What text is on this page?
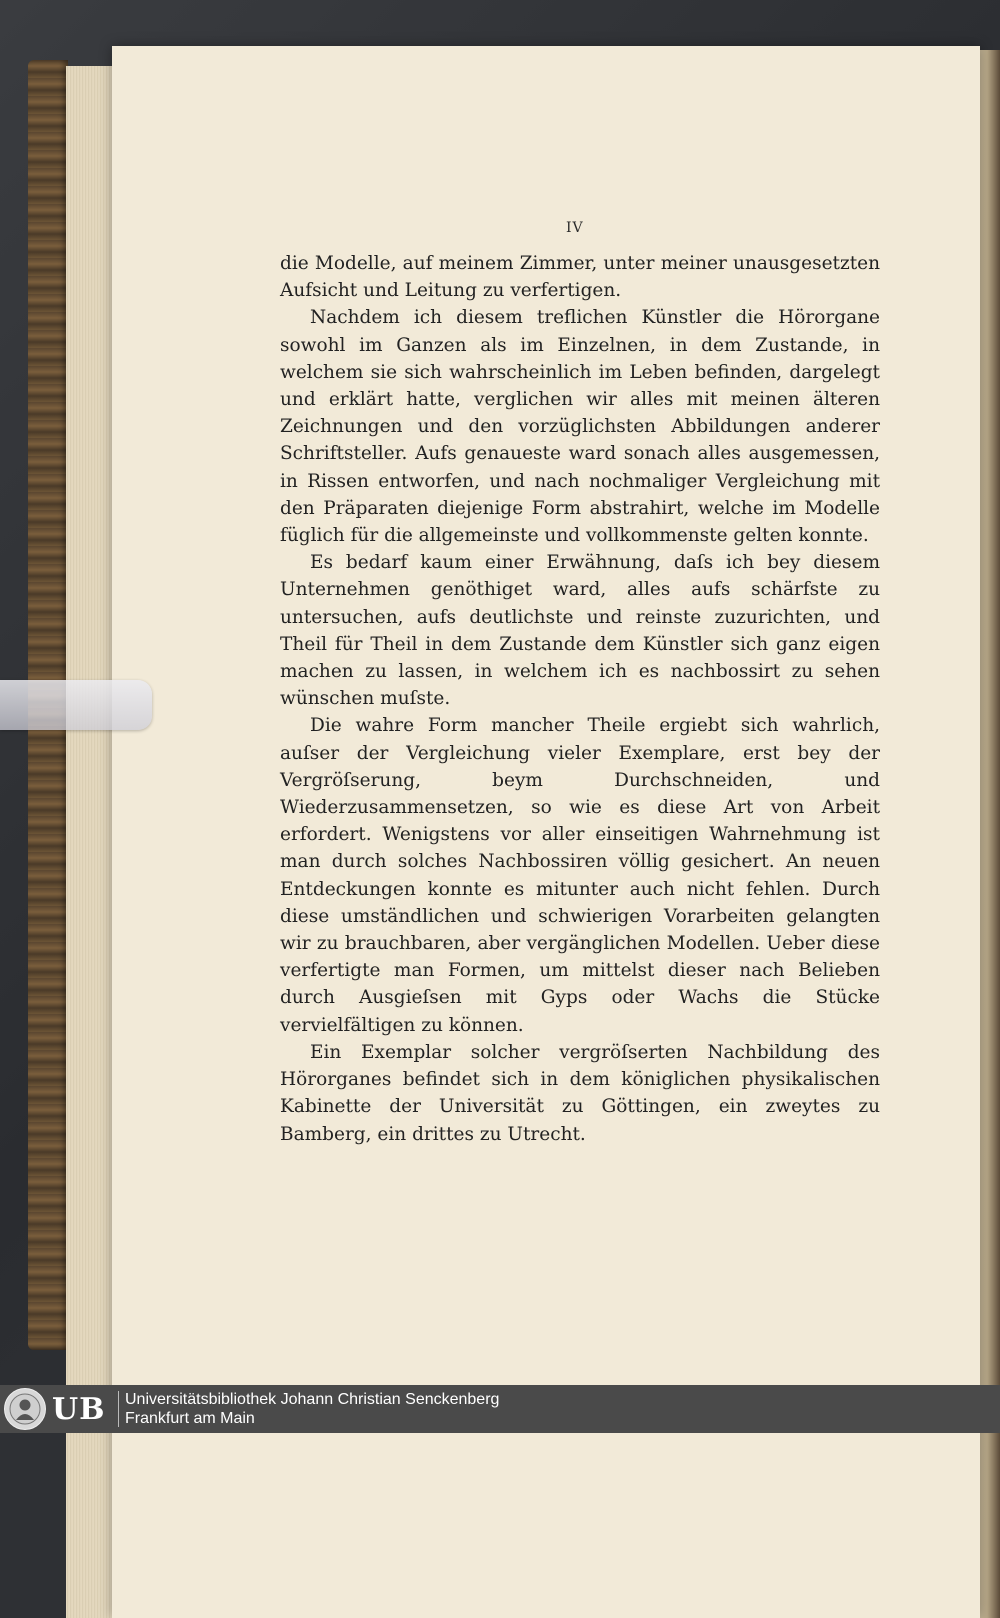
IV

die Modelle, auf meinem Zimmer, unter meiner unausgesetzten Aufsicht und Leitung zu verfertigen.

Nachdem ich diesem treflichen Künstler die Hörorgane sowohl im Ganzen als im Einzelnen, in dem Zustande, in welchem sie sich wahrscheinlich im Leben befinden, dargelegt und erklärt hatte, verglichen wir alles mit meinen älteren Zeichnungen und den vorzüglichsten Abbildungen anderer Schriftsteller. Aufs genaueste ward sonach alles ausgemessen, in Rissen entworfen, und nach nochmaliger Vergleichung mit den Präparaten diejenige Form abstrahirt, welche im Modelle füglich für die allgemeinste und vollkommenste gelten konnte.

Es bedarf kaum einer Erwähnung, daſs ich bey diesem Unternehmen genöthiget ward, alles aufs schärfste zu untersuchen, aufs deutlichste und reinste zuzurichten, und Theil für Theil in dem Zustande dem Künstler sich ganz eigen machen zu lassen, in welchem ich es nachbossirt zu sehen wünschen muſste.

Die wahre Form mancher Theile ergiebt sich wahrlich, auſser der Vergleichung vieler Exemplare, erst bey der Vergröſserung, beym Durchschneiden, und Wiederzusammensetzen, so wie es diese Art von Arbeit erfordert. Wenigstens vor aller einseitigen Wahrnehmung ist man durch solches Nachbossiren völlig gesichert. An neuen Entdeckungen konnte es mitunter auch nicht fehlen. Durch diese umständlichen und schwierigen Vorarbeiten gelangten wir zu brauchbaren, aber vergänglichen Modellen. Ueber diese verfertigte man Formen, um mittelst dieser nach Belieben durch Ausgieſsen mit Gyps oder Wachs die Stücke vervielfältigen zu können.

Ein Exemplar solcher vergröſserten Nachbildung des Hörorganes befindet sich in dem königlichen physikalischen Kabinette der Universität zu Göttingen, ein zweytes zu Bamberg, ein drittes zu Utrecht.

UB Universitätsbibliothek Johann Christian Senckenberg
Frankfurt am Main
